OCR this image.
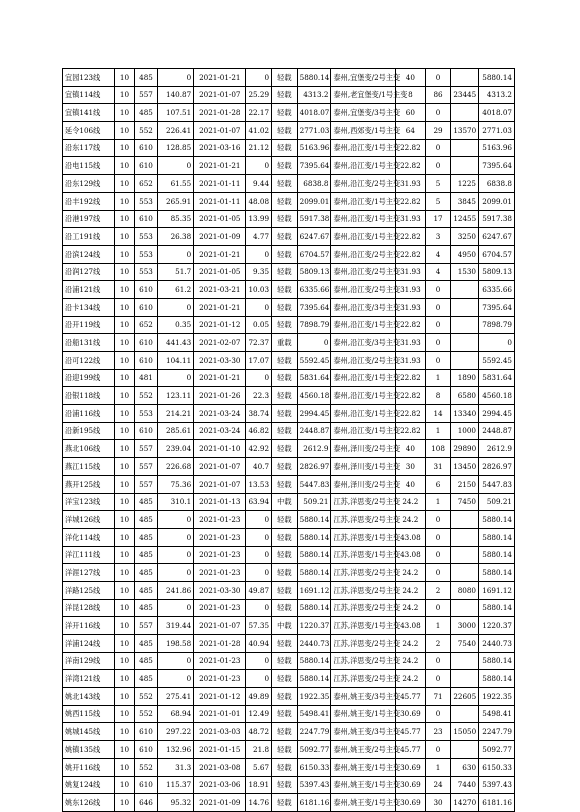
宜园123线	10	485	0	2021-01-21	0	轻载	5880.14	泰州,宜堡变/2号主变	40	0		5880.14
宜镇114线	10	557	140.87	2021-01-07	25.29	轻载	4313.2	泰州,老宜堡变/1号主变	8	86	23445	4313.2
宜镇141线	10	485	107.51	2021-01-28	22.17	轻载	4018.07	泰州,宜堡变/3号主变	60	0		4018.07
延令106线	10	552	226.41	2021-01-07	41.02	轻载	2771.03	泰州,西郊变/1号主变	64	29	13570	2771.03
沿东117线	10	610	128.85	2021-03-16	21.12	轻载	5163.96	泰州,沿江变/1号主变	22.82	0		5163.96
沿电115线	10	610	0	2021-01-21	0	轻载	7395.64	泰州,沿江变/1号主变	22.82	0		7395.64
沿东129线	10	652	61.55	2021-01-11	9.44	轻载	6838.8	泰州,沿江变/2号主变	31.93	5	1225	6838.8
沿丰192线	10	553	265.91	2021-01-11	48.08	轻载	2099.01	泰州,沿江变/1号主变	22.82	5	3845	2099.01
沿港197线	10	610	85.35	2021-01-05	13.99	轻载	5917.38	泰州,沿江变/1号主变	31.93	17	12455	5917.38
沿工191线	10	553	26.38	2021-01-09	4.77	轻载	6247.67	泰州,沿江变/1号主变	22.82	3	3250	6247.67
沿滨124线	10	553	0	2021-01-21	0	轻载	6704.57	泰州,沿江变/2号主变	22.82	4	4950	6704.57
沿润127线	10	553	51.7	2021-01-05	9.35	轻载	5809.13	泰州,沿江变/2号主变	31.93	4	1530	5809.13
沿浦121线	10	610	61.2	2021-03-21	10.03	轻载	6335.66	泰州,沿江变/2号主变	31.93	0		6335.66
沿卡134线	10	610	0	2021-01-21	0	轻载	7395.64	泰州,沿江变/3号主变	31.93	0		7395.64
沿开119线	10	652	0.35	2021-01-12	0.05	轻载	7898.79	泰州,沿江变/1号主变	22.82	0		7898.79
沿船131线	10	610	441.43	2021-02-07	72.37	重载	0	泰州,沿江变/3号主变	31.93	0		0
沿可122线	10	610	104.11	2021-03-30	17.07	轻载	5592.45	泰州,沿江变/2号主变	31.93	0		5592.45
沿迎199线	10	481	0	2021-01-21	0	轻载	5831.64	泰州,沿江变/1号主变	22.82	1	1890	5831.64
沿银118线	10	552	123.11	2021-01-26	22.3	轻载	4560.18	泰州,沿江变/1号主变	22.82	8	6580	4560.18
沿浦116线	10	553	214.21	2021-03-24	38.74	轻载	2994.45	泰州,沿江变/1号主变	22.82	14	13340	2994.45
沿新195线	10	610	285.61	2021-03-24	46.82	轻载	2448.87	泰州,沿江变/1号主变	22.82	1	1000	2448.87
燕北106线	10	557	239.04	2021-01-10	42.92	轻载	2612.9	泰州,泽川变/2号主变	40	108	29890	2612.9
燕江115线	10	557	226.68	2021-01-07	40.7	轻载	2826.97	泰州,泽川变/1号主变	30	31	13450	2826.97
燕开125线	10	557	75.36	2021-01-07	13.53	轻载	5447.83	泰州,泽川变/2号主变	40	6	2150	5447.83
洋宝123线	10	485	310.1	2021-01-13	63.94	中载	509.21	江苏,洋思变/2号主变	24.2	1	7450	509.21
洋城126线	10	485	0	2021-01-23	0	轻载	5880.14	江苏,洋思变/2号主变	24.2	0		5880.14
洋化114线	10	485	0	2021-01-23	0	轻载	5880.14	江苏,洋思变/1号主变	43.08	0		5880.14
洋江111线	10	485	0	2021-01-23	0	轻载	5880.14	江苏,洋思变/1号主变	43.08	0		5880.14
洋涯127线	10	485	0	2021-01-23	0	轻载	5880.14	江苏,洋思变/2号主变	24.2	0		5880.14
洋路125线	10	485	241.86	2021-03-30	49.87	轻载	1691.12	江苏,洋思变/2号主变	24.2	2	8080	1691.12
洋昆128线	10	485	0	2021-01-23	0	轻载	5880.14	江苏,洋思变/2号主变	24.2	0		5880.14
洋开116线	10	557	319.44	2021-01-07	57.35	中载	1220.37	江苏,洋思变/1号主变	43.08	1	3000	1220.37
洋浦124线	10	485	198.58	2021-01-28	40.94	轻载	2440.73	江苏,洋思变/2号主变	24.2	2	7540	2440.73
洋南129线	10	485	0	2021-01-23	0	轻载	5880.14	江苏,洋思变/2号主变	24.2	0		5880.14
洋湾121线	10	485	0	2021-01-23	0	轻载	5880.14	江苏,洋思变/2号主变	24.2	0		5880.14
姚北143线	10	552	275.41	2021-01-12	49.89	轻载	1922.35	泰州,姚王变/3号主变	45.77	71	22605	1922.35
姚西115线	10	552	68.94	2021-01-01	12.49	轻载	5498.41	泰州,姚王变/1号主变	30.69	0		5498.41
姚城145线	10	610	297.22	2021-03-03	48.72	轻载	2247.79	泰州,姚王变/3号主变	45.77	23	15050	2247.79
姚镇135线	10	610	132.96	2021-01-15	21.8	轻载	5092.77	泰州,姚王变/2号主变	45.77	0		5092.77
姚开116线	10	552	31.3	2021-03-08	5.67	轻载	6150.33	泰州,姚王变/1号主变	30.69	1	630	6150.33
姚复124线	10	610	115.37	2021-03-06	18.91	轻载	5397.43	泰州,姚王变/1号主变	30.69	24	7440	5397.43
姚东126线	10	646	95.32	2021-01-09	14.76	轻载	6181.16	泰州,姚王变/1号主变	30.69	30	14270	6181.16
